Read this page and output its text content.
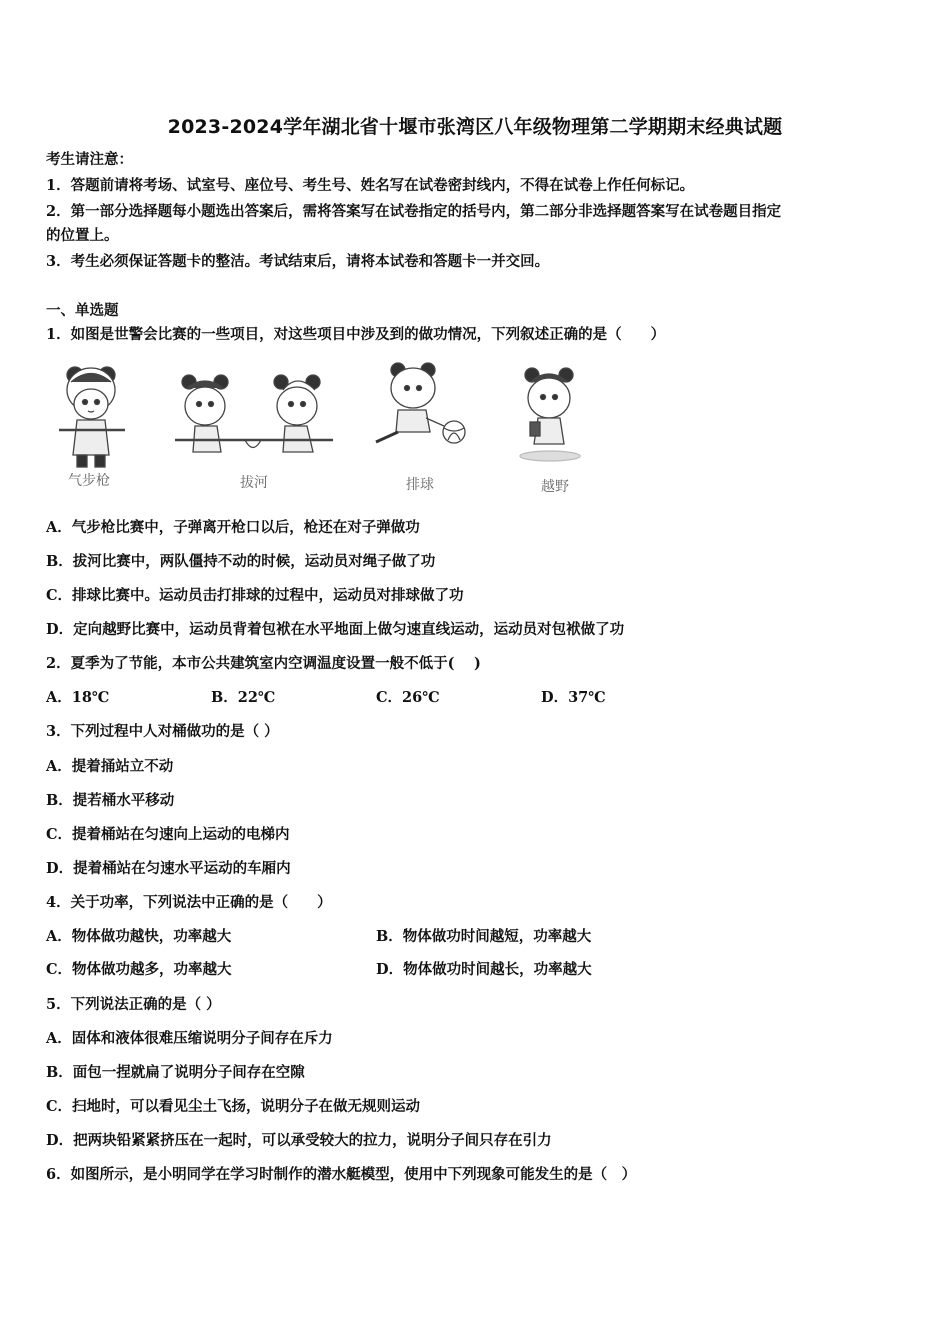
2023-2024学年湖北省十堰市张湾区八年级物理第二学期期末经典试题
考生请注意：
1．答题前请将考场、试室号、座位号、考生号、姓名写在试卷密封线内，不得在试卷上作任何标记。
2．第一部分选择题每小题选出答案后，需将答案写在试卷指定的括号内，第二部分非选择题答案写在试卷题目指定
的位置上。
3．考生必须保证答题卡的整洁。考试结束后，请将本试卷和答题卡一并交回。
一、单选题
1．如图是世警会比赛的一些项目，对这些项目中涉及到的做功情况，下列叙述正确的是（　　）
气步枪	拔河	排球	越野
A．气步枪比赛中，子弹离开枪口以后，枪还在对子弹做功
B．拔河比赛中，两队僵持不动的时候，运动员对绳子做了功
C．排球比赛中。运动员击打排球的过程中，运动员对排球做了功
D．定向越野比赛中，运动员背着包袱在水平地面上做匀速直线运动，运动员对包袱做了功
2．夏季为了节能，本市公共建筑室内空调温度设置一般不低于(　 )
A．18℃	B．22℃	C．26℃	D．37℃
3．下列过程中人对桶做功的是（ ）
A．提着捅站立不动
B．提若桶水平移动
C．提着桶站在匀速向上运动的电梯内
D．提着桶站在匀速水平运动的车厢内
4．关于功率，下列说法中正确的是（　　）
A．物体做功越快，功率越大	B．物体做功时间越短，功率越大
C．物体做功越多，功率越大	D．物体做功时间越长，功率越大
5．下列说法正确的是（ ）
A．固体和液体很难压缩说明分子间存在斥力
B．面包一捏就扁了说明分子间存在空隙
C．扫地时，可以看见尘土飞扬，说明分子在做无规则运动
D．把两块铅紧紧挤压在一起时，可以承受较大的拉力，说明分子间只存在引力
6．如图所示，是小明同学在学习时制作的潜水艇模型，使用中下列现象可能发生的是（　）
